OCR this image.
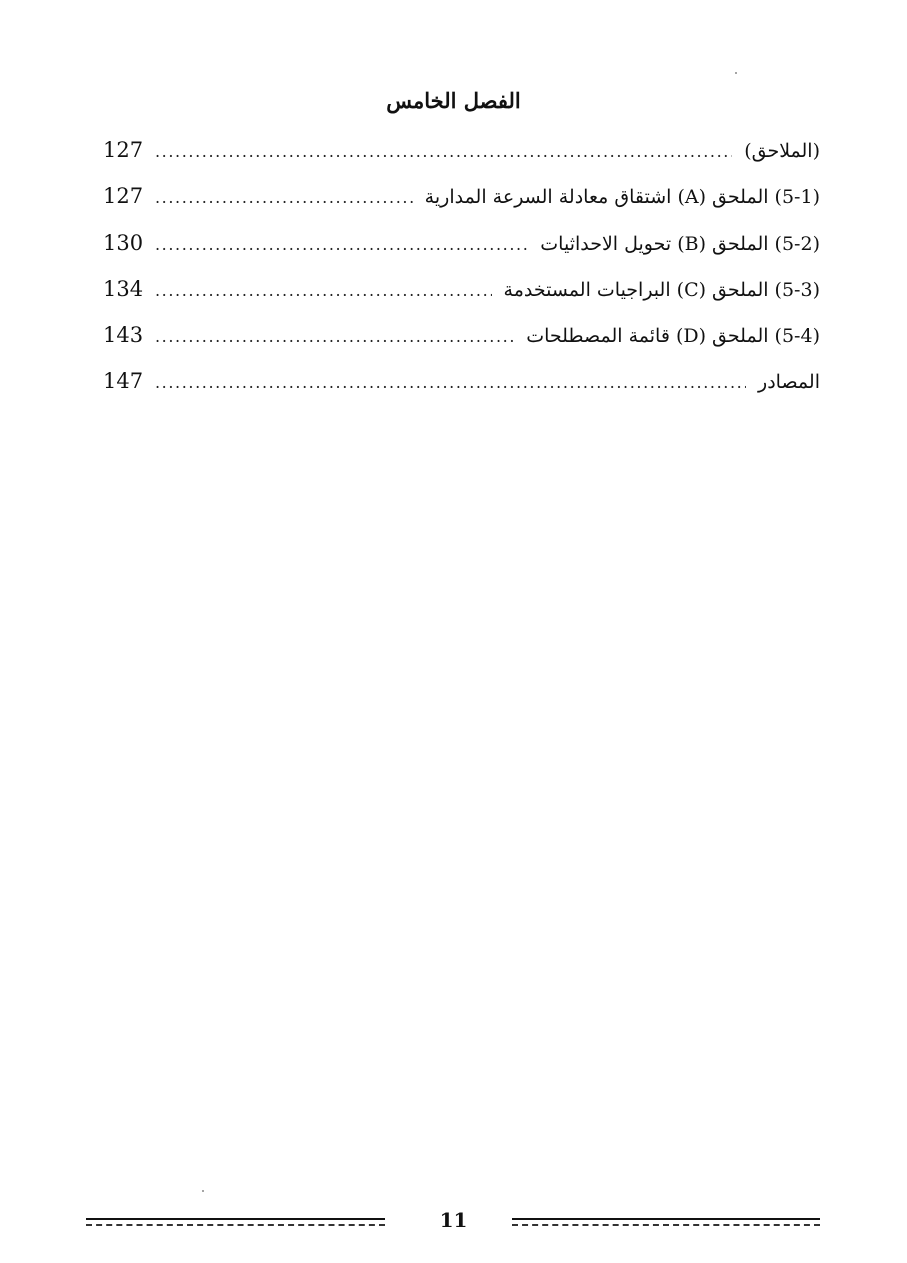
الفصل الخامس
(الملاحق)
.....
127
(5-1) الملحق (A) اشتقاق معادلة السرعة المدارية
.....
127
(5-2) الملحق (B) تحويل الاحداثيات
.....
130
(5-3) الملحق (C) البراجيات المستخدمة
.....
134
(5-4) الملحق (D) قائمة المصطلحات
.....
143
المصادر
.....
147
11
